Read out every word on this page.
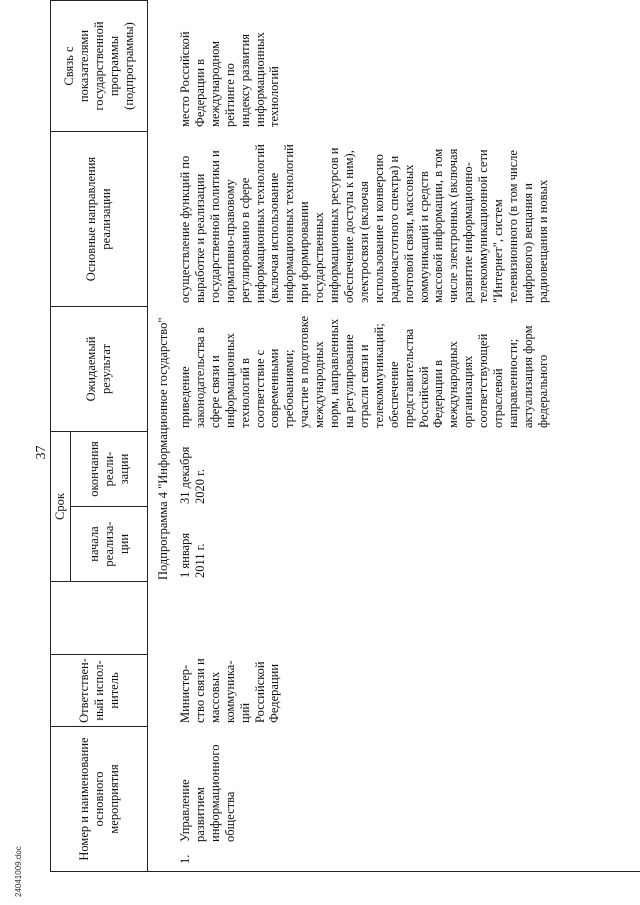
24041009.doc
37
Номер и наименование
основного
мероприятия
Ответствен-
ный испол-
нитель
Срок
начала
реализа-
ции
окончания
реали-
зации
Ожидаемый
результат
Основные направления
реализации
Связь с
показателями
государственной
программы
(подпрограммы)
Подпрограмма 4 "Информационное государство"
1.
Управление развитием
информационного
общества
Министер-
ство связи и
массовых
коммуника-
ций
Российской
Федерации
1 января
2011 г.
31 декабря
2020 г.
приведение
законодательства в
сфере связи и
информационных
технологий в
соответствие с
современными
требованиями;
участие в подготовке
международных
норм, направленных
на регулирование
отрасли связи и
телекоммуникаций;
обеспечение
представительства
Российской
Федерации в
международных
организациях
соответствующей
отраслевой
направленности;
актуализация форм
федерального
осуществление функций по
выработке и реализации
государственной политики и
нормативно-правовому
регулированию в сфере
информационных технологий
(включая использование
информационных технологий
при формировании
государственных
информационных ресурсов и
обеспечение доступа к ним),
электросвязи (включая
использование и конверсию
радиочастотного спектра) и
почтовой связи, массовых
коммуникаций и средств
массовой информации, в том
числе электронных (включая
развитие информационно-
телекоммуникационной сети
"Интернет", систем
телевизионного (в том числе
цифрового) вещания и
радиовещания и новых
место Российской
Федерации в
международном
рейтинге по
индексу развития
информационных
технологий
